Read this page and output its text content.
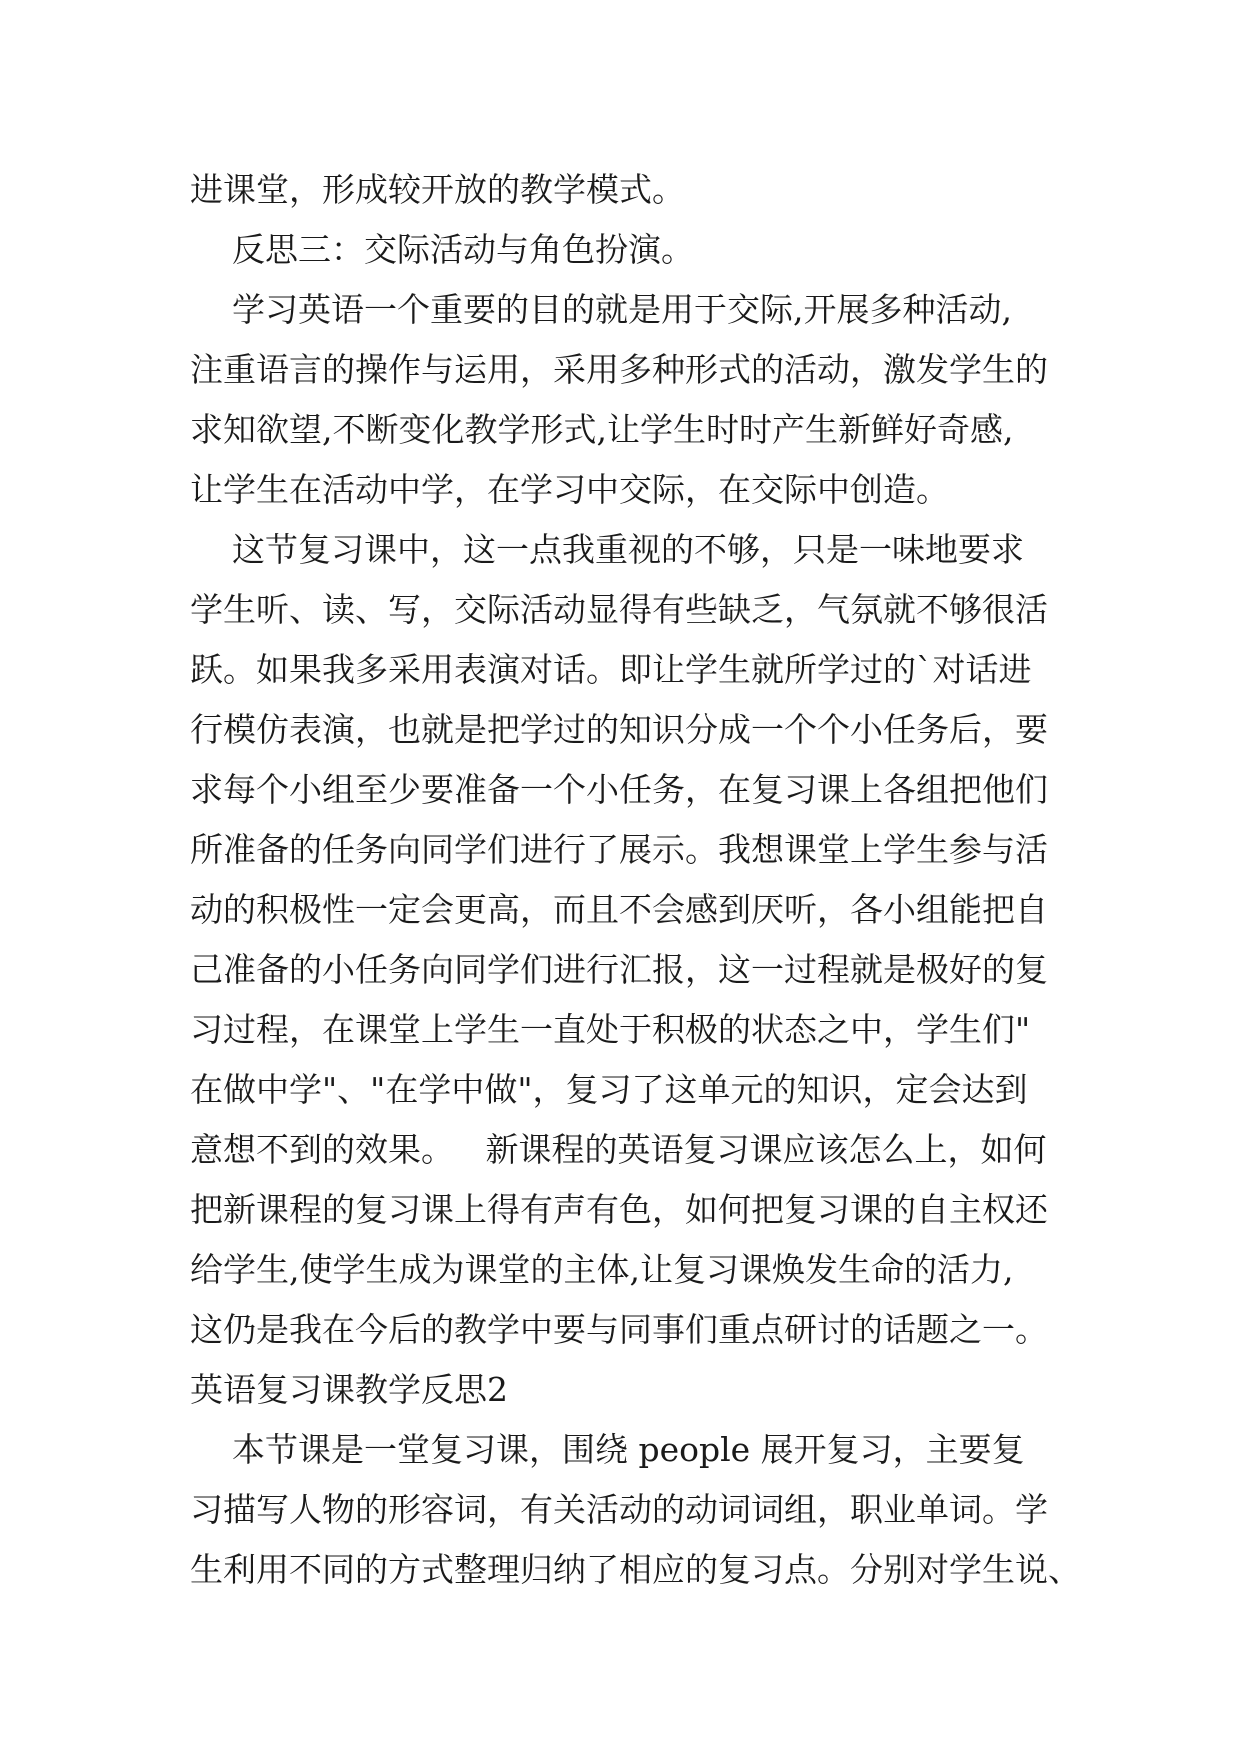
进课堂，形成较开放的教学模式。
反思三：交际活动与角色扮演。
学习英语一个重要的目的就是用于交际,开展多种活动,
注重语言的操作与运用，采用多种形式的活动，激发学生的
求知欲望,不断变化教学形式,让学生时时产生新鲜好奇感,
让学生在活动中学，在学习中交际，在交际中创造。
这节复习课中，这一点我重视的不够，只是一味地要求
学生听、读、写，交际活动显得有些缺乏，气氛就不够很活
跃。如果我多采用表演对话。即让学生就所学过的`对话进
行模仿表演，也就是把学过的知识分成一个个小任务后，要
求每个小组至少要准备一个小任务，在复习课上各组把他们
所准备的任务向同学们进行了展示。我想课堂上学生参与活
动的积极性一定会更高，而且不会感到厌听，各小组能把自
己准备的小任务向同学们进行汇报，这一过程就是极好的复
习过程，在课堂上学生一直处于积极的状态之中，学生们"
在做中学"、"在学中做"，复习了这单元的知识，定会达到
意想不到的效果。   新课程的英语复习课应该怎么上，如何
把新课程的复习课上得有声有色，如何把复习课的自主权还
给学生,使学生成为课堂的主体,让复习课焕发生命的活力,
这仍是我在今后的教学中要与同事们重点研讨的话题之一。
英语复习课教学反思2
本节课是一堂复习课，围绕 people 展开复习，主要复
习描写人物的形容词，有关活动的动词词组，职业单词。学
生利用不同的方式整理归纳了相应的复习点。分别对学生说、
